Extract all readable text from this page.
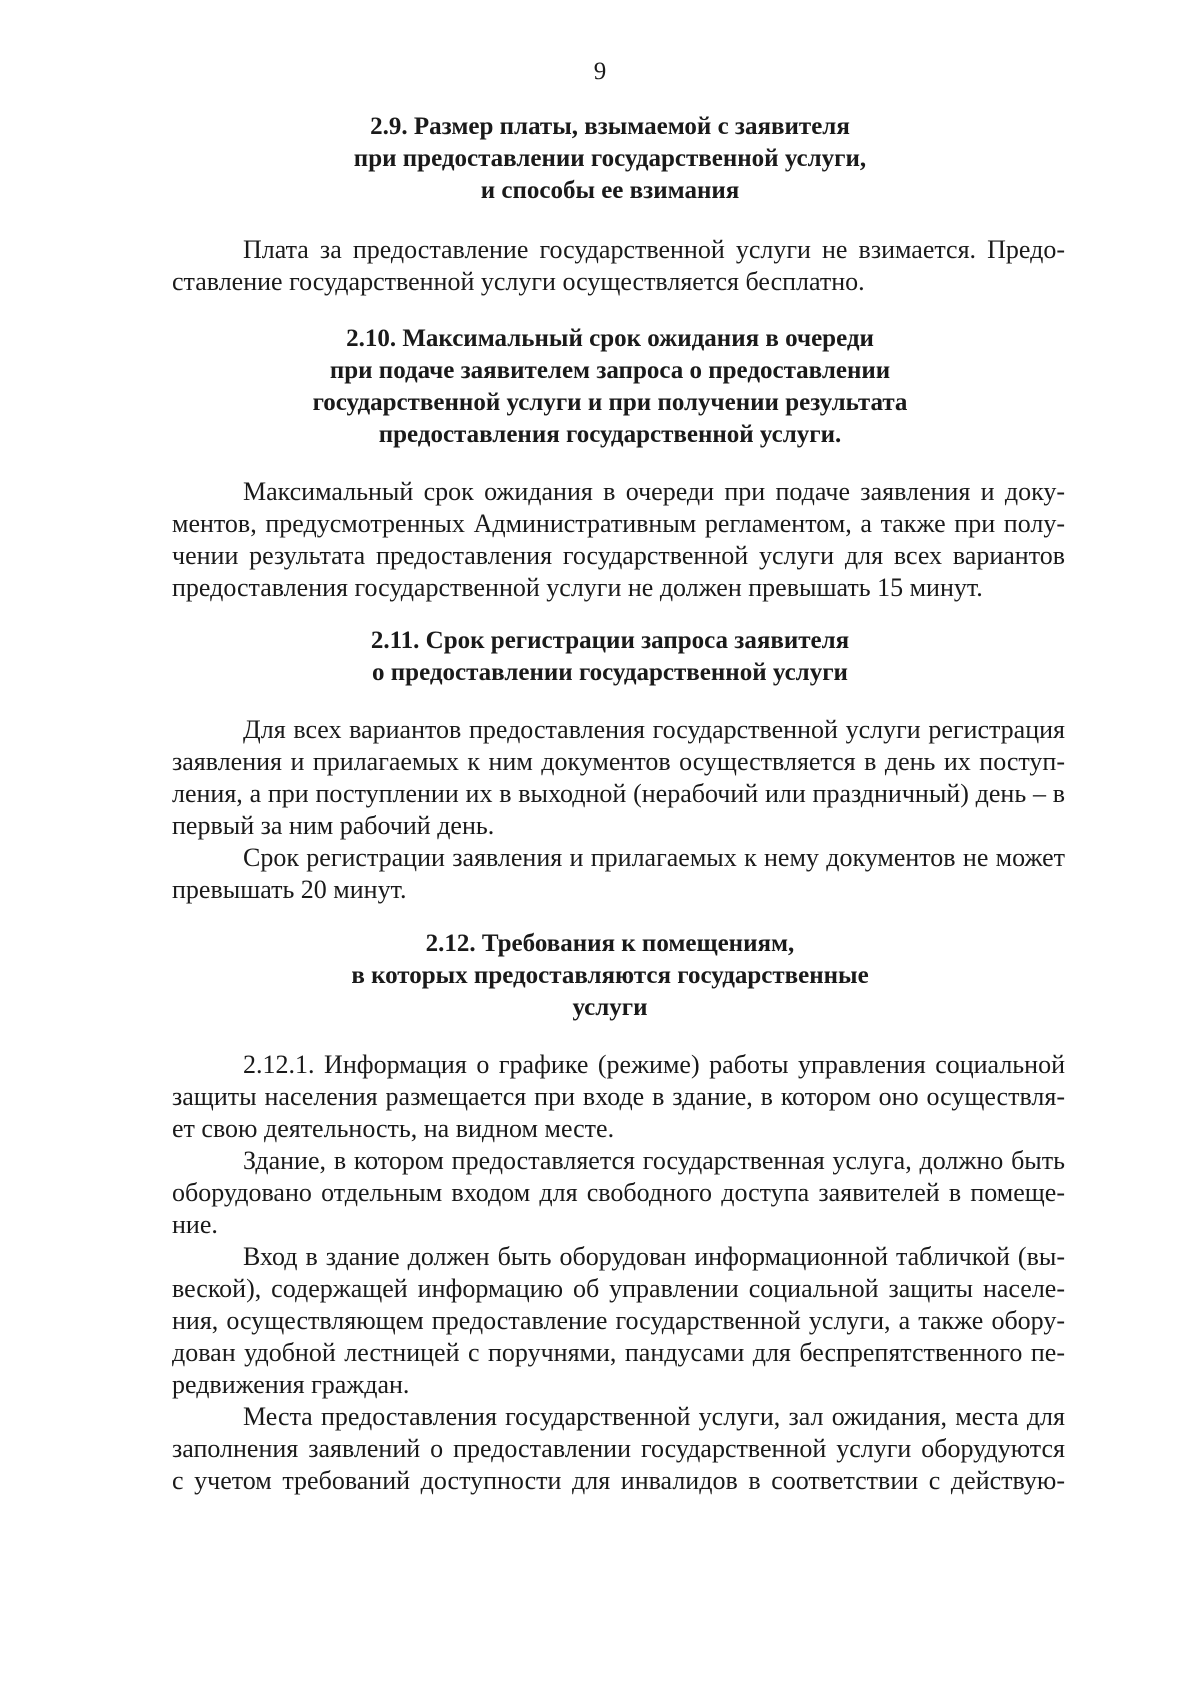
9
2.9. Размер платы, взымаемой с заявителя
при предоставлении государственной услуги,
и способы ее взимания
Плата за предоставление государственной услуги не взимается. Предо-
ставление государственной услуги осуществляется бесплатно.
2.10. Максимальный срок ожидания в очереди
при подаче заявителем запроса о предоставлении
государственной услуги и при получении результата
предоставления государственной услуги.
Максимальный срок ожидания в очереди при подаче заявления и доку-
ментов, предусмотренных Административным регламентом, а также при полу-
чении результата предоставления государственной услуги для всех вариантов
предоставления государственной услуги не должен превышать 15 минут.
2.11. Срок регистрации запроса заявителя
о предоставлении государственной услуги
Для всех вариантов предоставления государственной услуги регистрация
заявления и прилагаемых к ним документов осуществляется в день их поступ-
ления, а при поступлении их в выходной (нерабочий или праздничный) день – в
первый за ним рабочий день.
Срок регистрации заявления и прилагаемых к нему документов не может
превышать 20 минут.
2.12. Требования к помещениям,
в которых предоставляются государственные
услуги
2.12.1. Информация о графике (режиме) работы управления социальной
защиты населения размещается при входе в здание, в котором оно осуществля-
ет свою деятельность, на видном месте.
Здание, в котором предоставляется государственная услуга, должно быть
оборудовано отдельным входом для свободного доступа заявителей в помеще-
ние.
Вход в здание должен быть оборудован информационной табличкой (вы-
веской), содержащей информацию об управлении социальной защиты населе-
ния, осуществляющем предоставление государственной услуги, а также обору-
дован удобной лестницей с поручнями, пандусами для беспрепятственного пе-
редвижения граждан.
Места предоставления государственной услуги, зал ожидания, места для
заполнения заявлений о предоставлении государственной услуги оборудуются
с учетом требований доступности для инвалидов в соответствии с действую-
